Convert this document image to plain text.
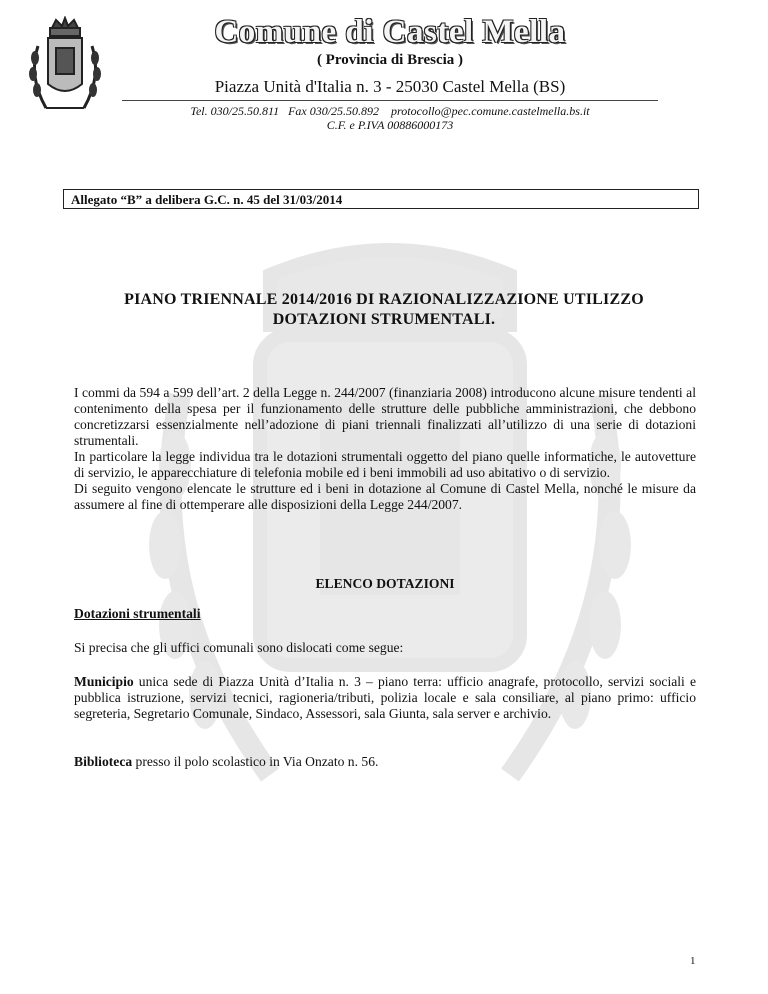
Comune di Castel Mella
( Provincia di Brescia )
Piazza Unità d'Italia n. 3 - 25030 Castel Mella (BS)
Tel. 030/25.50.811   Fax 030/25.50.892    protocollo@pec.comune.castelmella.bs.it
C.F. e P.IVA 00886000173
Allegato “B” a delibera G.C. n. 45 del 31/03/2014
PIANO TRIENNALE 2014/2016 DI RAZIONALIZZAZIONE UTILIZZO
DOTAZIONI STRUMENTALI.
I commi da 594 a 599 dell’art. 2 della Legge n. 244/2007 (finanziaria 2008) introducono alcune misure tendenti al contenimento della spesa per il funzionamento delle strutture delle pubbliche amministrazioni, che debbono concretizzarsi essenzialmente nell’adozione di piani triennali finalizzati all’utilizzo di una serie di dotazioni strumentali.
In particolare la legge individua tra le dotazioni strumentali oggetto del piano quelle informatiche, le autovetture di servizio, le apparecchiature di telefonia mobile ed i beni immobili ad uso abitativo o di servizio.
Di seguito vengono elencate le strutture ed i beni in dotazione al Comune di Castel Mella, nonché le misure da assumere al fine di ottemperare alle disposizioni della Legge 244/2007.
ELENCO DOTAZIONI
Dotazioni strumentali
Si precisa che gli uffici comunali sono dislocati come segue:
Municipio unica sede di Piazza Unità d’Italia n. 3 – piano terra: ufficio anagrafe, protocollo, servizi sociali e pubblica istruzione, servizi tecnici, ragioneria/tributi, polizia locale e sala consiliare, al piano primo: ufficio segreteria, Segretario Comunale, Sindaco, Assessori, sala Giunta, sala server e archivio.
Biblioteca presso il polo scolastico in Via Onzato n. 56.
1
